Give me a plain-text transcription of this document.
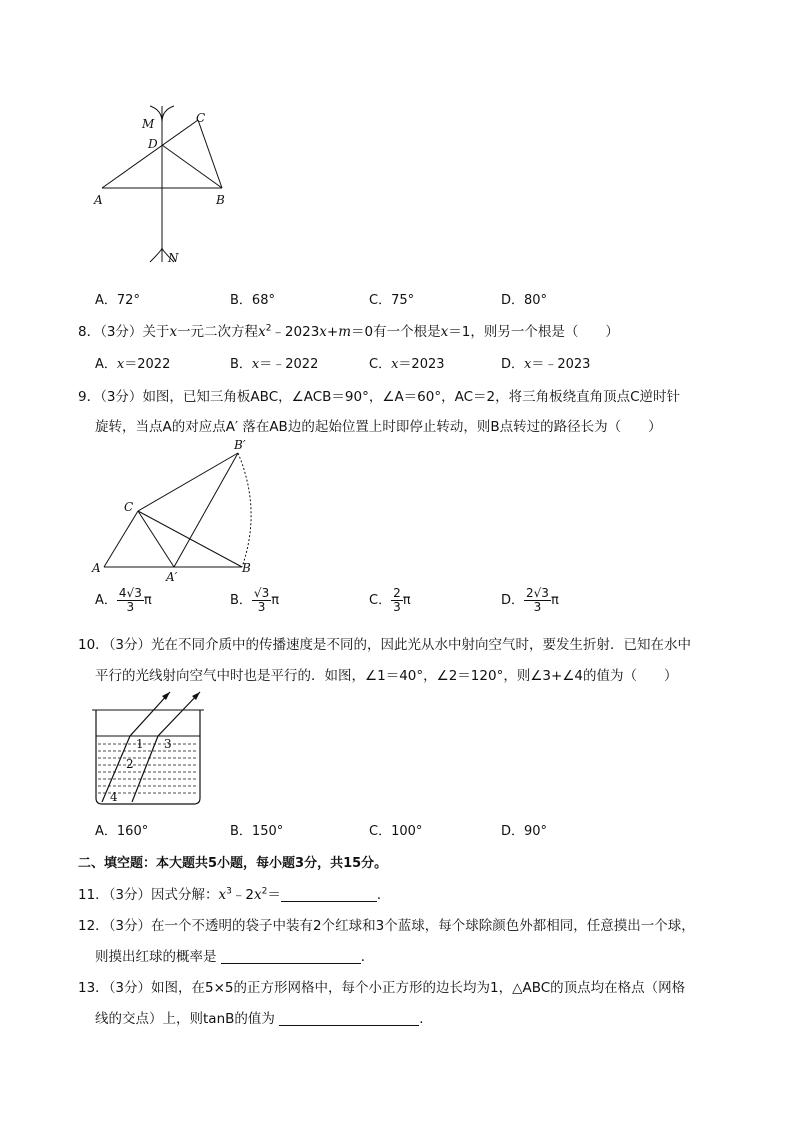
M	C
D
A	B
N
A．72°	B．68°	C．75°	D．80°
8．（3分）关于x一元二次方程$x^2﹣2023x+m=0$有一个根是x＝1，则另一个根是（　　）
A．x＝2022	B．x＝﹣2022	C．x＝2023	D．x＝﹣2023
9．（3分）如图，已知三角板ABC，∠ACB＝90°，∠A＝60°，AC＝2，将三角板绕直角顶点C逆时针
旋转，当点A的对应点A′ 落在AB边的起始位置上时即停止转动，则B点转过的路径长为（　　）
B′
C
A
A′
B
A． $\frac{4√3}{3}$ π	B． $\frac{√3}{3}$ π	C． $\frac{2}{3}$ π	D． $\frac{2√3}{3}$ π
10．（3分）光在不同介质中的传播速度是不同的，因此光从水中射向空气时，要发生折射．已知在水中
平行的光线射向空气中时也是平行的．如图，∠1＝40°，∠2＝120°，则∠3+∠4的值为（　　）
1 3
2
4
A．160°	B．150°	C．100°	D．90°
二、填空题：本大题共5小题，每小题3分，共15分。
11．（3分）因式分解：$x^3﹣2x^2=$	．
12．（3分）在一个不透明的袋子中装有2个红球和3个蓝球，每个球除颜色外都相同，任意摸出一个球，
则摸出红球的概率是	．
13．（3分）如图，在5×5的正方形网格中，每个小正方形的边长均为1，△ABC的顶点均在格点（网格
线的交点）上，则tanB的值为	．
